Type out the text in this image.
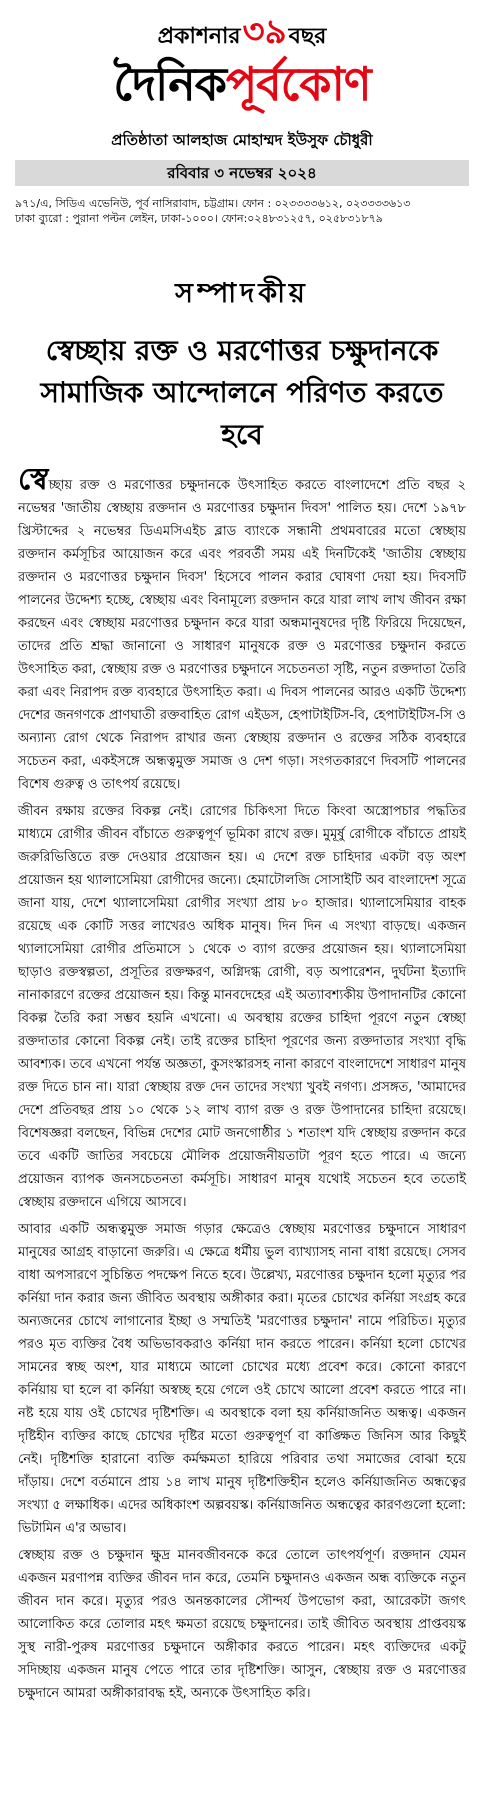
প্রকাশনার৩৯বছর
দৈনিকপূর্বকোণ
প্রতিষ্ঠাতা আলহাজ মোহাম্মদ ইউসুফ চৌধুরী
রবিবার ৩ নভেম্বর ২০২৪
৯৭১/এ, সিডিএ এভেনিউ, পূর্ব নাসিরাবাদ, চট্টগ্রাম। ফোন : ০২৩৩৩৩৬১২, ০২৩৩৩৩৬১৩
ঢাকা ব্যুরো : পুরানা পল্টন লেইন, ঢাকা-১০০০। ফোন:০২৪৮৩১২৫৭, ০২৫৮৩১৮৭৯
সম্পাদকীয়
স্বেচ্ছায় রক্ত ও মরণোত্তর চক্ষুদানকে সামাজিক আন্দোলনে পরিণত করতে হবে

স্বেচ্ছায় রক্ত ও মরণোত্তর চক্ষুদানকে উৎসাহিত করতে বাংলাদেশে প্রতি বছর ২ নভেম্বর 'জাতীয় স্বেচ্ছায় রক্তদান ও মরণোত্তর চক্ষুদান দিবস' পালিত হয়। দেশে ১৯৭৮ খ্রিস্টাব্দের ২ নভেম্বর ডিএমসিএইচ ব্লাড ব্যাংকে সন্ধানী প্রথমবারের মতো স্বেচ্ছায় রক্তদান কর্মসূচির আয়োজন করে এবং পরবর্তী সময় এই দিনটিকেই 'জাতীয় স্বেচ্ছায় রক্তদান ও মরণোত্তর চক্ষুদান দিবস' হিসেবে পালন করার ঘোষণা দেয়া হয়। দিবসটি পালনের উদ্দেশ্য হচ্ছে, স্বেচ্ছায় এবং বিনামূল্যে রক্তদান করে যারা লাখ লাখ জীবন রক্ষা করছেন এবং স্বেচ্ছায় মরণোত্তর চক্ষুদান করে যারা অন্ধমানুষদের দৃষ্টি ফিরিয়ে দিয়েছেন, তাদের প্রতি শ্রদ্ধা জানানো ও সাধারণ মানুষকে রক্ত ও মরণোত্তর চক্ষুদান করতে উৎসাহিত করা, স্বেচ্ছায় রক্ত ও মরণোত্তর চক্ষুদানে সচেতনতা সৃষ্টি, নতুন রক্তদাতা তৈরি করা এবং নিরাপদ রক্ত ব্যবহারে উৎসাহিত করা। এ দিবস পালনের আরও একটি উদ্দেশ্য দেশের জনগণকে প্রাণঘাতী রক্তবাহিত রোগ এইডস, হেপাটাইটিস-বি, হেপাটাইটিস-সি ও অন্যান্য রোগ থেকে নিরাপদ রাখার জন্য স্বেচ্ছায় রক্তদান ও রক্তের সঠিক ব্যবহারে সচেতন করা, একইসঙ্গে অন্ধত্বমুক্ত সমাজ ও দেশ গড়া। সংগতকারণে দিবসটি পালনের বিশেষ গুরুত্ব ও তাৎপর্য রয়েছে।

জীবন রক্ষায় রক্তের বিকল্প নেই। রোগের চিকিৎসা দিতে কিংবা অস্ত্রোপচার পদ্ধতির মাধ্যমে রোগীর জীবন বাঁচাতে গুরুত্বপূর্ণ ভূমিকা রাখে রক্ত। মুমূর্ষু রোগীকে বাঁচাতে প্রায়ই জরুরিভিত্তিতে রক্ত দেওয়ার প্রয়োজন হয়। এ দেশে রক্ত চাহিদার একটা বড় অংশ প্রয়োজন হয় থ্যালাসেমিয়া রোগীদের জন্যে। হেমাটোলজি সোসাইটি অব বাংলাদেশ সূত্রে জানা যায়, দেশে থ্যালাসেমিয়া রোগীর সংখ্যা প্রায় ৮০ হাজার। থ্যালাসেমিয়ার বাহক রয়েছে এক কোটি সত্তর লাখেরও অধিক মানুষ। দিন দিন এ সংখ্যা বাড়ছে। একজন থ্যালাসেমিয়া রোগীর প্রতিমাসে ১ থেকে ৩ ব্যাগ রক্তের প্রয়োজন হয়। থ্যালাসেমিয়া ছাড়াও রক্তস্বল্পতা, প্রসূতির রক্তক্ষরণ, অগ্নিদগ্ধ রোগী, বড় অপারেশন, দুর্ঘটনা ইত্যাদি নানাকারণে রক্তের প্রয়োজন হয়। কিন্তু মানবদেহের এই অত্যাবশ্যকীয় উপাদানটির কোনো বিকল্প তৈরি করা সম্ভব হয়নি এখনো। এ অবস্থায় রক্তের চাহিদা পূরণে নতুন স্বেচ্ছা রক্তদাতার কোনো বিকল্প নেই। তাই রক্তের চাহিদা পূরণের জন্য রক্তদাতার সংখ্যা বৃদ্ধি আবশ্যক। তবে এখনো পর্যন্ত অজ্ঞতা, কুসংস্কারসহ নানা কারণে বাংলাদেশে সাধারণ মানুষ রক্ত দিতে চান না। যারা স্বেচ্ছায় রক্ত দেন তাদের সংখ্যা খুবই নগণ্য। প্রসঙ্গত, 'আমাদের দেশে প্রতিবছর প্রায় ১০ থেকে ১২ লাখ ব্যাগ রক্ত ও রক্ত উপাদানের চাহিদা রয়েছে। বিশেষজ্ঞরা বলছেন, বিভিন্ন দেশের মোট জনগোষ্ঠীর ১ শতাংশ যদি স্বেচ্ছায় রক্তদান করে তবে একটি জাতির সবচেয়ে মৌলিক প্রয়োজনীয়তাটা পূরণ হতে পারে। এ জন্যে প্রয়োজন ব্যাপক জনসচেতনতা কর্মসূচি। সাধারণ মানুষ যথোই সচেতন হবে ততোই স্বেচ্ছায় রক্তদানে এগিয়ে আসবে।

আবার একটি অন্ধত্বমুক্ত সমাজ গড়ার ক্ষেত্রেও স্বেচ্ছায় মরণোত্তর চক্ষুদানে সাধারণ মানুষের আগ্রহ বাড়ানো জরুরি। এ ক্ষেত্রে ধর্মীয় ভুল ব্যাখ্যাসহ নানা বাধা রয়েছে। সেসব বাধা অপসারণে সুচিন্তিত পদক্ষেপ নিতে হবে। উল্লেখ্য, মরণোত্তর চক্ষুদান হলো মৃত্যুর পর কর্নিয়া দান করার জন্য জীবিত অবস্থায় অঙ্গীকার করা। মৃতের চোখের কর্নিয়া সংগ্রহ করে অন্যজনের চোখে লাগানোর ইচ্ছা ও সম্মতিই 'মরণোত্তর চক্ষুদান' নামে পরিচিত। মৃত্যুর পরও মৃত ব্যক্তির বৈধ অভিভাবকরাও কর্নিয়া দান করতে পারেন। কর্নিয়া হলো চোখের সামনের স্বচ্ছ অংশ, যার মাধ্যমে আলো চোখের মধ্যে প্রবেশ করে। কোনো কারণে কর্নিয়ায় ঘা হলে বা কর্নিয়া অস্বচ্ছ হয়ে গেলে ওই চোখে আলো প্রবেশ করতে পারে না। নষ্ট হয়ে যায় ওই চোখের দৃষ্টিশক্তি। এ অবস্থাকে বলা হয় কর্নিয়াজনিত অন্ধত্ব। একজন দৃষ্টিহীন ব্যক্তির কাছে চোখের দৃষ্টির মতো গুরুত্বপূর্ণ বা কাঙ্ক্ষিত জিনিস আর কিছুই নেই। দৃষ্টিশক্তি হারানো ব্যক্তি কর্মক্ষমতা হারিয়ে পরিবার তথা সমাজের বোঝা হয়ে দাঁড়ায়। দেশে বর্তমানে প্রায় ১৪ লাখ মানুষ দৃষ্টিশক্তিহীন হলেও কর্নিয়াজনিত অন্ধত্বের সংখ্যা ৫ লক্ষাধিক। এদের অধিকাংশ অল্পবয়স্ক। কর্নিয়াজনিত অন্ধত্বের কারণগুলো হলো: ভিটামিন এ'র অভাব।

স্বেচ্ছায় রক্ত ও চক্ষুদান ক্ষুদ্র মানবজীবনকে করে তোলে তাৎপর্যপূর্ণ। রক্তদান যেমন একজন মরণাপন্ন ব্যক্তির জীবন দান করে, তেমনি চক্ষুদানও একজন অন্ধ ব্যক্তিকে নতুন জীবন দান করে। মৃত্যুর পরও অনন্তকালের সৌন্দর্য উপভোগ করা, আরেকটা জগৎ আলোকিত করে তোলার মহৎ ক্ষমতা রয়েছে চক্ষুদানের। তাই জীবিত অবস্থায় প্রাপ্তবয়স্ক সুস্থ নারী-পুরুষ মরণোত্তর চক্ষুদানে অঙ্গীকার করতে পারেন। মহৎ ব্যক্তিদের একটু সদিচ্ছায় একজন মানুষ পেতে পারে তার দৃষ্টিশক্তি। আসুন, স্বেচ্ছায় রক্ত ও মরণোত্তর চক্ষুদানে আমরা অঙ্গীকারাবদ্ধ হই, অন্যকে উৎসাহিত করি।
